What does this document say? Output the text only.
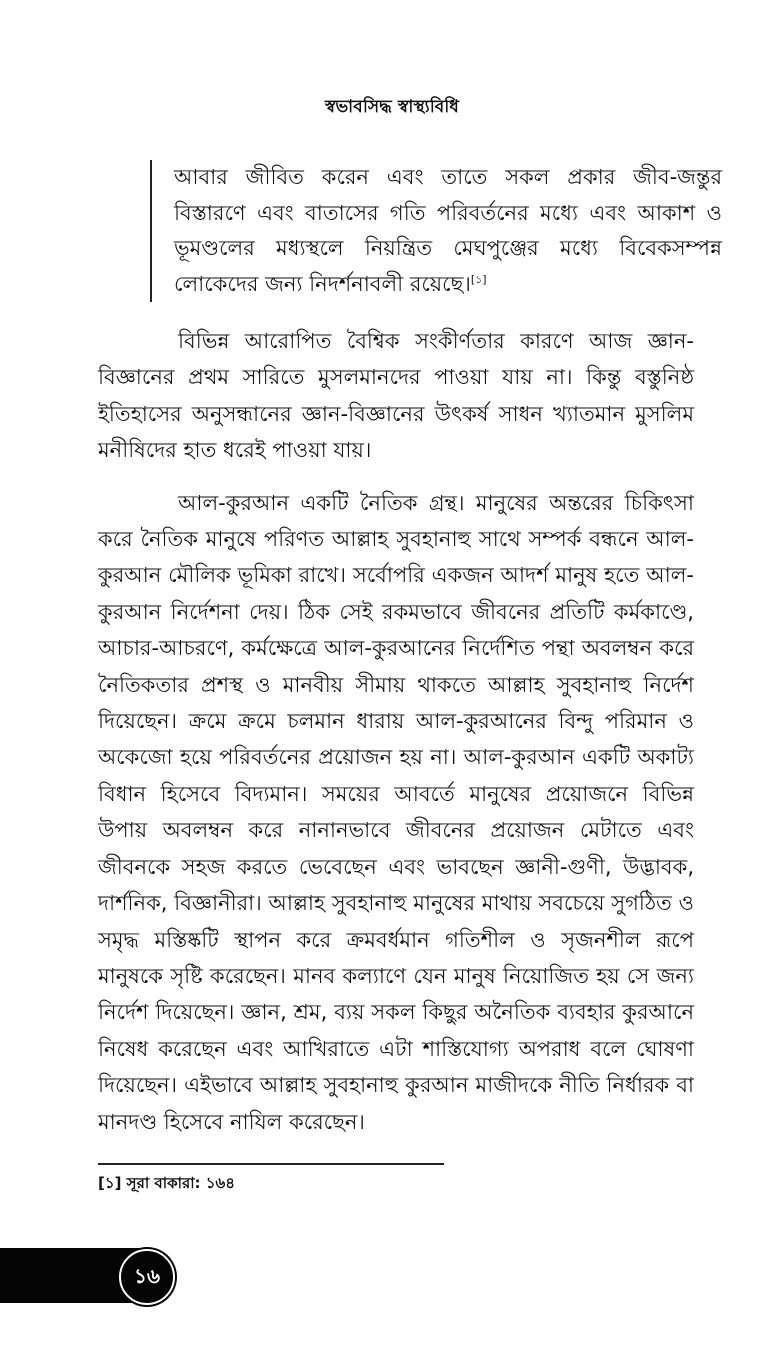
স্বভাবসিদ্ধ স্বাস্থ্যবিধি
আবার জীবিত করেন এবং তাতে সকল প্রকার জীব-জন্তুর বিস্তারণে এবং বাতাসের গতি পরিবর্তনের মধ্যে এবং আকাশ ও ভূমণ্ডলের মধ্যস্থলে নিয়ন্ত্রিত মেঘপুঞ্জের মধ্যে বিবেকসম্পন্ন লোকেদের জন্য নিদর্শনাবলী রয়েছে।[১]

বিভিন্ন আরোপিত বৈশ্বিক সংকীর্ণতার কারণে আজ জ্ঞান-বিজ্ঞানের প্রথম সারিতে মুসলমানদের পাওয়া যায় না। কিন্তু বস্তুনিষ্ঠ ইতিহাসের অনুসন্ধানের জ্ঞান-বিজ্ঞানের উৎকর্ষ সাধন খ্যাতমান মুসলিম মনীষিদের হাত ধরেই পাওয়া যায়।

আল-কুরআন একটি নৈতিক গ্রন্থ। মানুষের অন্তরের চিকিৎসা করে নৈতিক মানুষে পরিণত আল্লাহ সুবহানাহু সাথে সম্পর্ক বন্ধনে আল-কুরআন মৌলিক ভূমিকা রাখে। সর্বোপরি একজন আদর্শ মানুষ হতে আল-কুরআন নির্দেশনা দেয়। ঠিক সেই রকমভাবে জীবনের প্রতিটি কর্মকাণ্ডে, আচার-আচরণে, কর্মক্ষেত্রে আল-কুরআনের নির্দেশিত পন্থা অবলম্বন করে নৈতিকতার প্রশস্থ ও মানবীয় সীমায় থাকতে আল্লাহ সুবহানাহু নির্দেশ দিয়েছেন। ক্রমে ক্রমে চলমান ধারায় আল-কুরআনের বিন্দু পরিমান ও অকেজো হয়ে পরিবর্তনের প্রয়োজন হয় না। আল-কুরআন একটি অকাট্য বিধান হিসেবে বিদ্যমান। সময়ের আবর্তে মানুষের প্রয়োজনে বিভিন্ন উপায় অবলম্বন করে নানানভাবে জীবনের প্রয়োজন মেটাতে এবং জীবনকে সহজ করতে ভেবেছেন এবং ভাবছেন জ্ঞানী-গুণী, উদ্ভাবক, দার্শনিক, বিজ্ঞানীরা। আল্লাহ সুবহানাহু মানুষের মাথায় সবচেয়ে সুগঠিত ও সমৃদ্ধ মস্তিষ্কটি স্থাপন করে ক্রমবর্ধমান গতিশীল ও সৃজনশীল রূপে মানুষকে সৃষ্টি করেছেন। মানব কল্যাণে যেন মানুষ নিয়োজিত হয় সে জন্য নির্দেশ দিয়েছেন। জ্ঞান, শ্রম, ব্যয় সকল কিছুর অনৈতিক ব্যবহার কুরআনে নিষেধ করেছেন এবং আখিরাতে এটা শাস্তিযোগ্য অপরাধ বলে ঘোষণা দিয়েছেন। এইভাবে আল্লাহ সুবহানাহু কুরআন মাজীদকে নীতি নির্ধারক বা মানদণ্ড হিসেবে নাযিল করেছেন।

[১] সূরা বাকারা: ১৬৪
১৬
